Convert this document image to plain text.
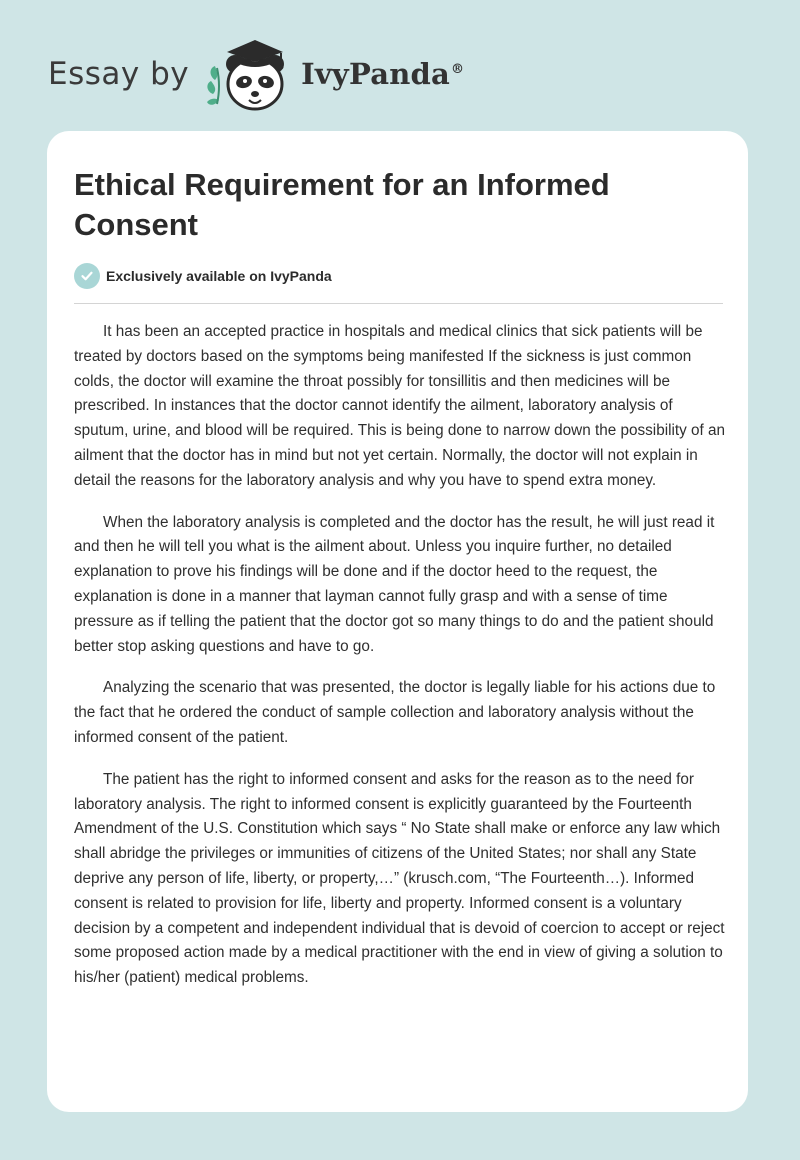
Essay by	IvyPanda®
Ethical Requirement for an Informed Consent
Exclusively available on IvyPanda

It has been an accepted practice in hospitals and medical clinics that sick patients will be treated by doctors based on the symptoms being manifested If the sickness is just common colds, the doctor will examine the throat possibly for tonsillitis and then medicines will be prescribed. In instances that the doctor cannot identify the ailment, laboratory analysis of sputum, urine, and blood will be required. This is being done to narrow down the possibility of an ailment that the doctor has in mind but not yet certain. Normally, the doctor will not explain in detail the reasons for the laboratory analysis and why you have to spend extra money.

When the laboratory analysis is completed and the doctor has the result, he will just read it and then he will tell you what is the ailment about. Unless you inquire further, no detailed explanation to prove his findings will be done and if the doctor heed to the request, the explanation is done in a manner that layman cannot fully grasp and with a sense of time pressure as if telling the patient that the doctor got so many things to do and the patient should better stop asking questions and have to go.

Analyzing the scenario that was presented, the doctor is legally liable for his actions due to the fact that he ordered the conduct of sample collection and laboratory analysis without the informed consent of the patient.

The patient has the right to informed consent and asks for the reason as to the need for laboratory analysis. The right to informed consent is explicitly guaranteed by the Fourteenth Amendment of the U.S. Constitution which says “ No State shall make or enforce any law which shall abridge the privileges or immunities of citizens of the United States; nor shall any State deprive any person of life, liberty, or property,…” (krusch.com, “The Fourteenth…). Informed consent is related to provision for life, liberty and property. Informed consent is a voluntary decision by a competent and independent individual that is devoid of coercion to accept or reject some proposed action made by a medical practitioner with the end in view of giving a solution to his/her (patient) medical problems.
